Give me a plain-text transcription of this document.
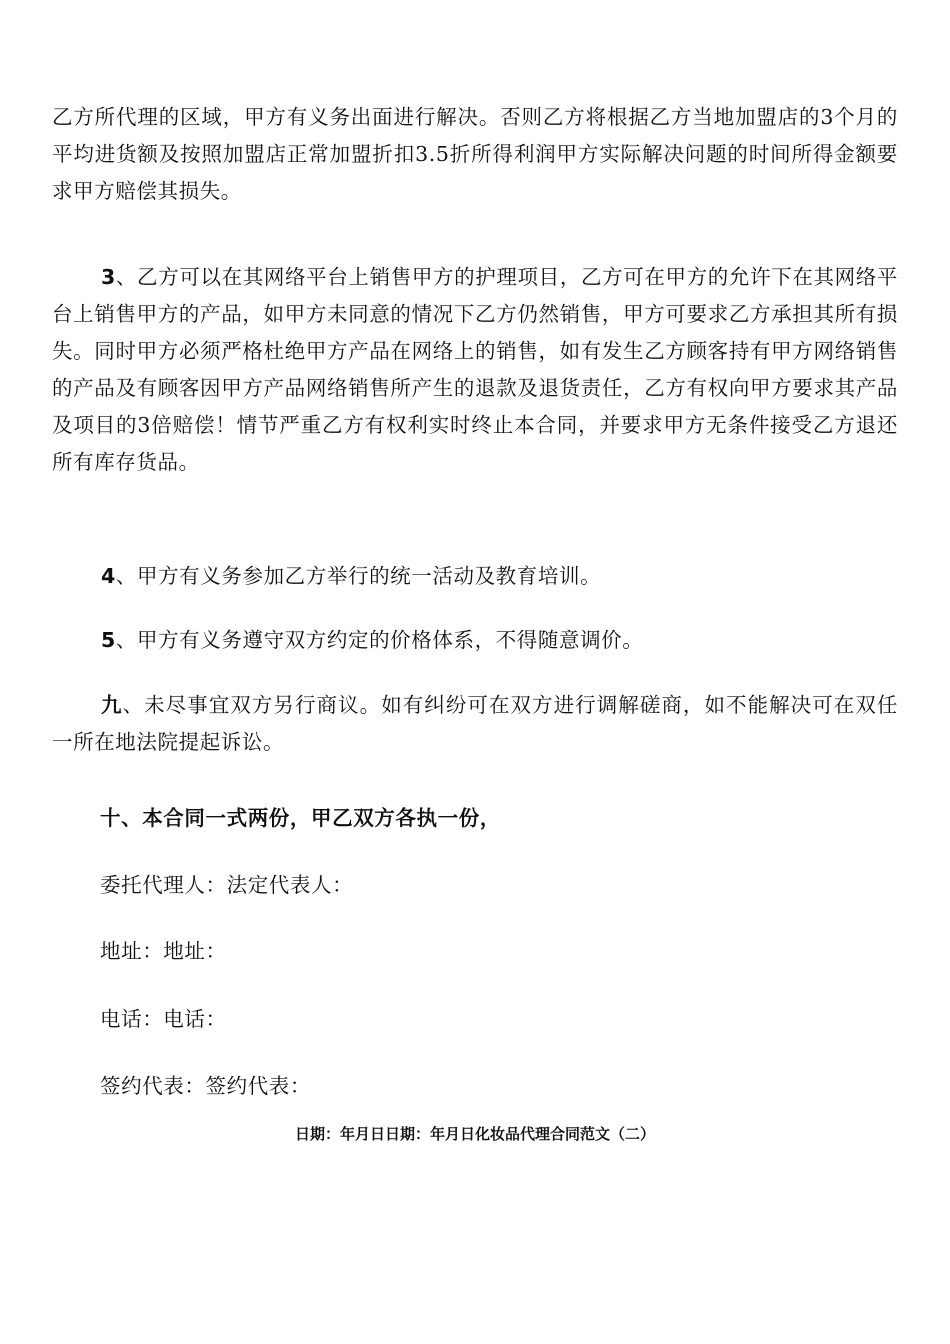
乙方所代理的区域，甲方有义务出面进行解决。否则乙方将根据乙方当地加盟店的3个月的平均进货额及按照加盟店正常加盟折扣3.5折所得利润甲方实际解决问题的时间所得金额要求甲方赔偿其损失。

3、乙方可以在其网络平台上销售甲方的护理项目，乙方可在甲方的允许下在其网络平台上销售甲方的产品，如甲方未同意的情况下乙方仍然销售，甲方可要求乙方承担其所有损失。同时甲方必须严格杜绝甲方产品在网络上的销售，如有发生乙方顾客持有甲方网络销售的产品及有顾客因甲方产品网络销售所产生的退款及退货责任，乙方有权向甲方要求其产品及项目的3倍赔偿！情节严重乙方有权利实时终止本合同，并要求甲方无条件接受乙方退还所有库存货品。

4、甲方有义务参加乙方举行的统一活动及教育培训。

5、甲方有义务遵守双方约定的价格体系，不得随意调价。

九、未尽事宜双方另行商议。如有纠纷可在双方进行调解磋商，如不能解决可在双任一所在地法院提起诉讼。

十、本合同一式两份，甲乙双方各执一份，

委托代理人：法定代表人：

地址：地址：

电话：电话：

签约代表：签约代表：

日期：年月日日期：年月日化妆品代理合同范文（二）
